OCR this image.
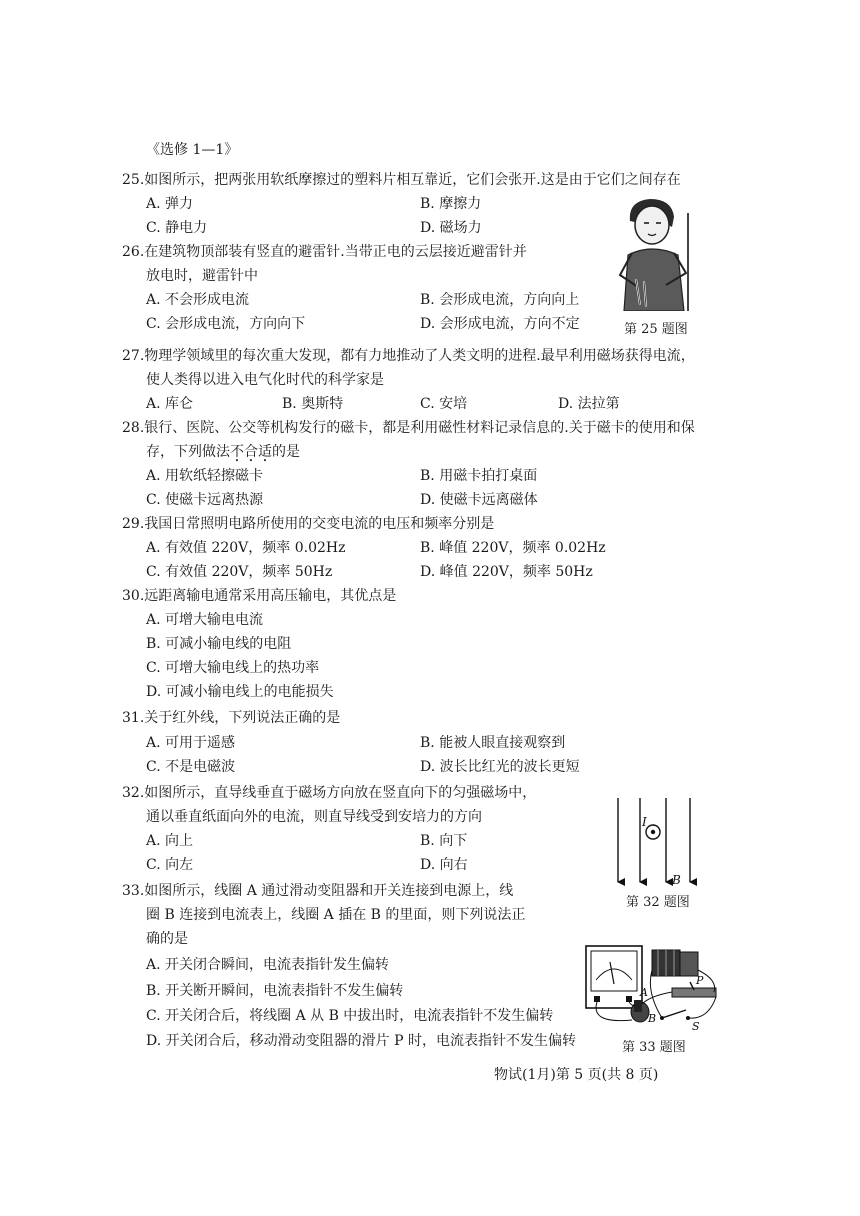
《选修 1—1》
25.如图所示，把两张用软纸摩擦过的塑料片相互靠近，它们会张开.这是由于它们之间存在
A. 弹力	B. 摩擦力
C. 静电力	D. 磁场力
26.在建筑物顶部装有竖直的避雷针.当带正电的云层接近避雷针并
放电时，避雷针中
A. 不会形成电流	B. 会形成电流，方向向上
C. 会形成电流，方向向下	D. 会形成电流，方向不定	第 25 题图
27.物理学领域里的每次重大发现，都有力地推动了人类文明的进程.最早利用磁场获得电流，
使人类得以进入电气化时代的科学家是
A. 库仑	B. 奥斯特	C. 安培	D. 法拉第
28.银行、医院、公交等机构发行的磁卡，都是利用磁性材料记录信息的.关于磁卡的使用和保
存，下列做法不合适的是
A. 用软纸轻擦磁卡	B. 用磁卡拍打桌面
C. 使磁卡远离热源	D. 使磁卡远离磁体
29.我国日常照明电路所使用的交变电流的电压和频率分别是
A. 有效值 220V，频率 0.02Hz	B. 峰值 220V，频率 0.02Hz
C. 有效值 220V，频率 50Hz	D. 峰值 220V，频率 50Hz
30.远距离输电通常采用高压输电，其优点是
A. 可增大输电电流
B. 可减小输电线的电阻
C. 可增大输电线上的热功率
D. 可减小输电线上的电能损失
31.关于红外线，下列说法正确的是
A. 可用于遥感	B. 能被人眼直接观察到
C. 不是电磁波	D. 波长比红光的波长更短
32.如图所示，直导线垂直于磁场方向放在竖直向下的匀强磁场中，
通以垂直纸面向外的电流，则直导线受到安培力的方向
A. 向上	B. 向下
C. 向左	D. 向右
I
B
第 32 题图
33.如图所示，线圈 A 通过滑动变阻器和开关连接到电源上，线
圈 B 连接到电流表上，线圈 A 插在 B 的里面，则下列说法正
确的是
A. 开关闭合瞬间，电流表指针发生偏转
B. 开关断开瞬间，电流表指针不发生偏转
C. 开关闭合后，将线圈 A 从 B 中拔出时，电流表指针不发生偏转
D. 开关闭合后，移动滑动变阻器的滑片 P 时，电流表指针不发生偏转
A
B
P
S
第 33 题图
物试(1月)第 5 页(共 8 页)
